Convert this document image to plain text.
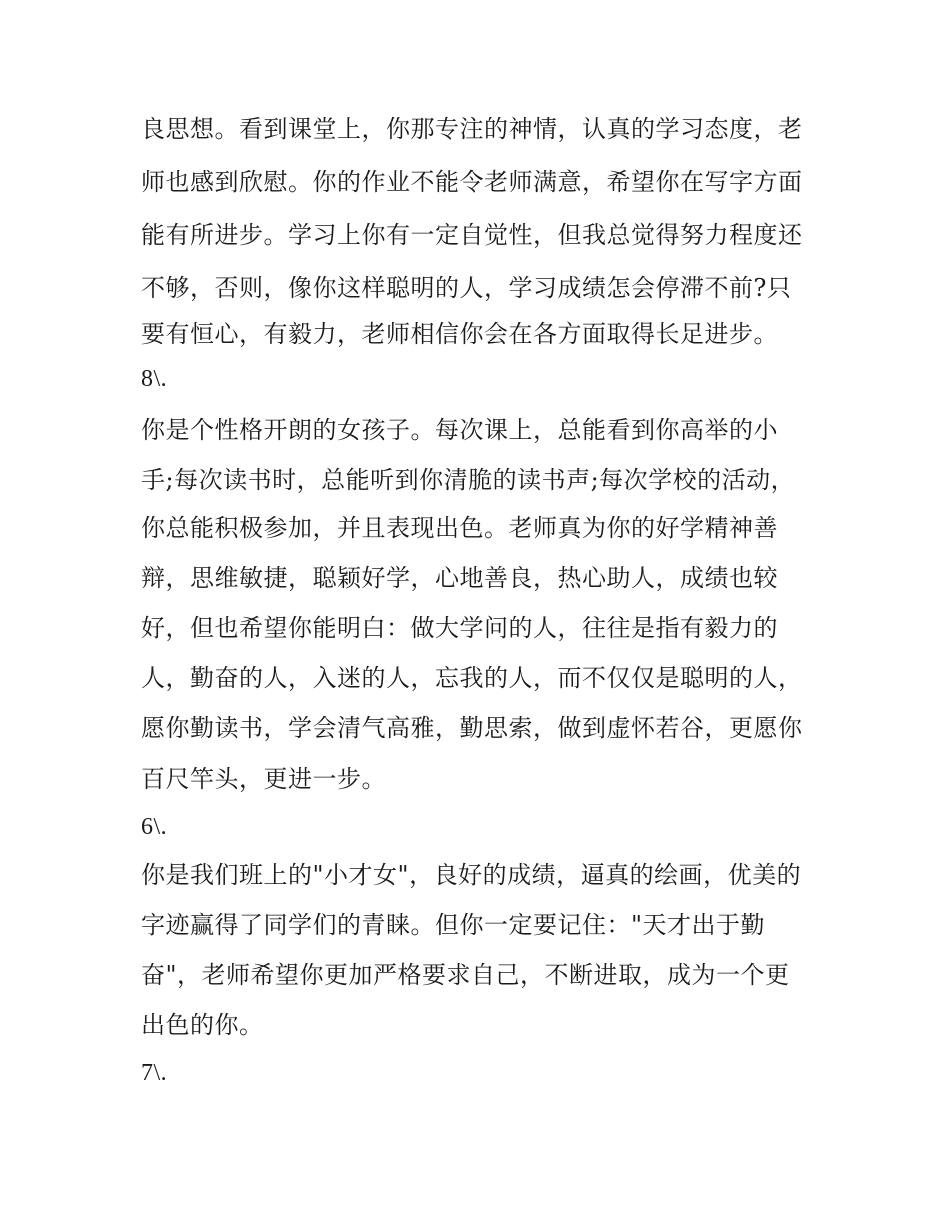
良思想。看到课堂上，你那专注的神情，认真的学习态度，老
师也感到欣慰。你的作业不能令老师满意，希望你在写字方面
能有所进步。学习上你有一定自觉性，但我总觉得努力程度还
不够，否则，像你这样聪明的人，学习成绩怎会停滞不前?只
要有恒心，有毅力，老师相信你会在各方面取得长足进步。
8\.
你是个性格开朗的女孩子。每次课上，总能看到你高举的小
手;每次读书时，总能听到你清脆的读书声;每次学校的活动，
你总能积极参加，并且表现出色。老师真为你的好学精神善
辩，思维敏捷，聪颖好学，心地善良，热心助人，成绩也较
好，但也希望你能明白：做大学问的人，往往是指有毅力的
人，勤奋的人，入迷的人，忘我的人，而不仅仅是聪明的人，
愿你勤读书，学会清气高雅，勤思索，做到虚怀若谷，更愿你
百尺竿头，更进一步。
6\.
你是我们班上的"小才女"，良好的成绩，逼真的绘画，优美的
字迹赢得了同学们的青睐。但你一定要记住："天才出于勤
奋"，老师希望你更加严格要求自己，不断进取，成为一个更
出色的你。
7\.
